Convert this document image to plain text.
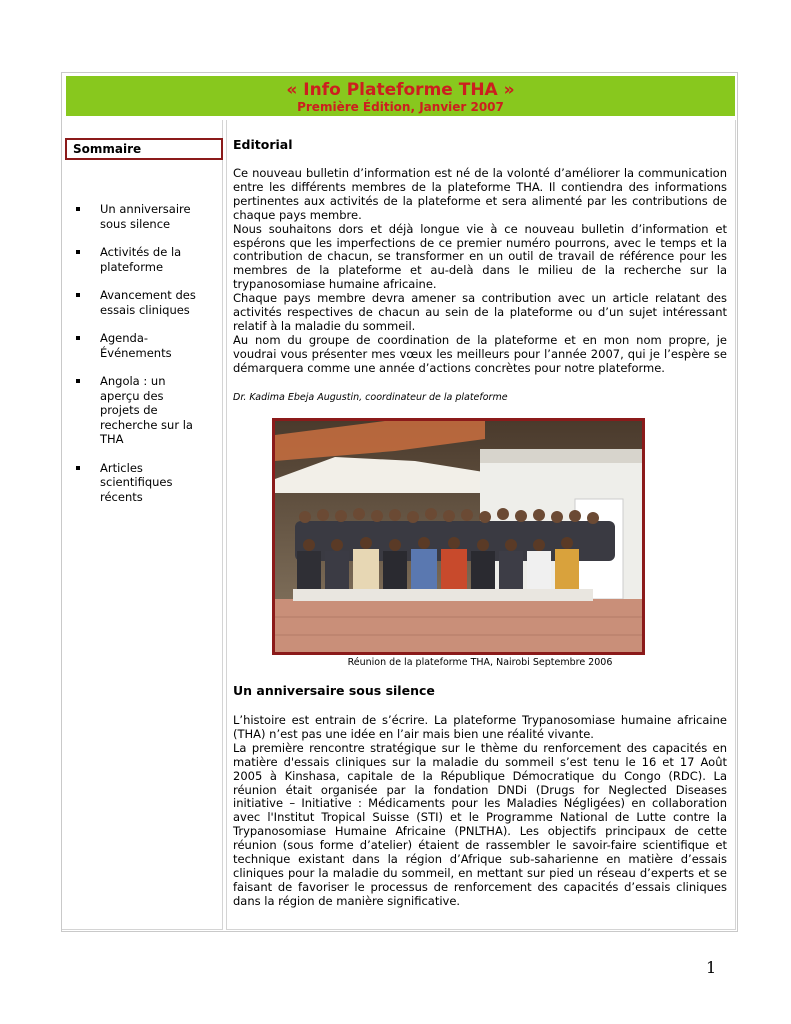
« Info Plateforme THA »
Première Édition, Janvier 2007
Sommaire
Un anniversaire sous silence
Activités de la plateforme
Avancement des essais cliniques
Agenda-Événements
Angola : un aperçu des projets de recherche sur la THA
Articles scientifiques récents
Editorial

Ce nouveau bulletin d’information est né de la volonté d’améliorer la communication entre les différents membres de la plateforme THA. Il contiendra des informations pertinentes aux activités de la plateforme et sera alimenté par les contributions de chaque pays membre.

Nous souhaitons dors et déjà longue vie à ce nouveau bulletin d’information et espérons que les imperfections de ce premier numéro pourrons, avec le temps et la contribution de chacun, se transformer en un outil de travail de référence pour les membres de la plateforme et au-delà dans le milieu de la recherche sur la trypanosomiase humaine africaine.

Chaque pays membre devra amener sa contribution avec un article relatant des activités respectives de chacun au sein de la plateforme ou d’un sujet intéressant relatif à la maladie du sommeil.

Au nom du groupe de coordination de la plateforme et en mon nom propre, je voudrai vous présenter mes vœux les meilleurs pour l’année 2007, qui je l’espère se démarquera comme une année d’actions concrètes pour notre plateforme.

Dr. Kadima Ebeja Augustin, coordinateur de la plateforme
Réunion de la plateforme THA, Nairobi Septembre 2006
Un anniversaire sous silence

L’histoire est entrain de s’écrire. La plateforme Trypanosomiase humaine africaine (THA) n’est pas une idée en l’air mais bien une réalité vivante.

La première rencontre stratégique sur le thème du renforcement des capacités en matière d'essais cliniques sur la maladie du sommeil s’est tenu le 16 et 17 Août 2005 à Kinshasa, capitale de la République Démocratique du Congo (RDC). La réunion était organisée par la fondation DNDi (Drugs for Neglected Diseases initiative – Initiative : Médicaments pour les Maladies Négligées) en collaboration avec l'Institut Tropical Suisse (STI) et le Programme National de Lutte contre la Trypanosomiase Humaine Africaine (PNLTHA). Les objectifs principaux de cette réunion (sous forme d’atelier) étaient de rassembler le savoir-faire scientifique et technique existant dans la région d’Afrique sub-saharienne en matière d’essais cliniques pour la maladie du sommeil, en mettant sur pied un réseau d’experts et se faisant de favoriser le processus de renforcement des capacités d’essais cliniques dans la région de manière significative.

1
